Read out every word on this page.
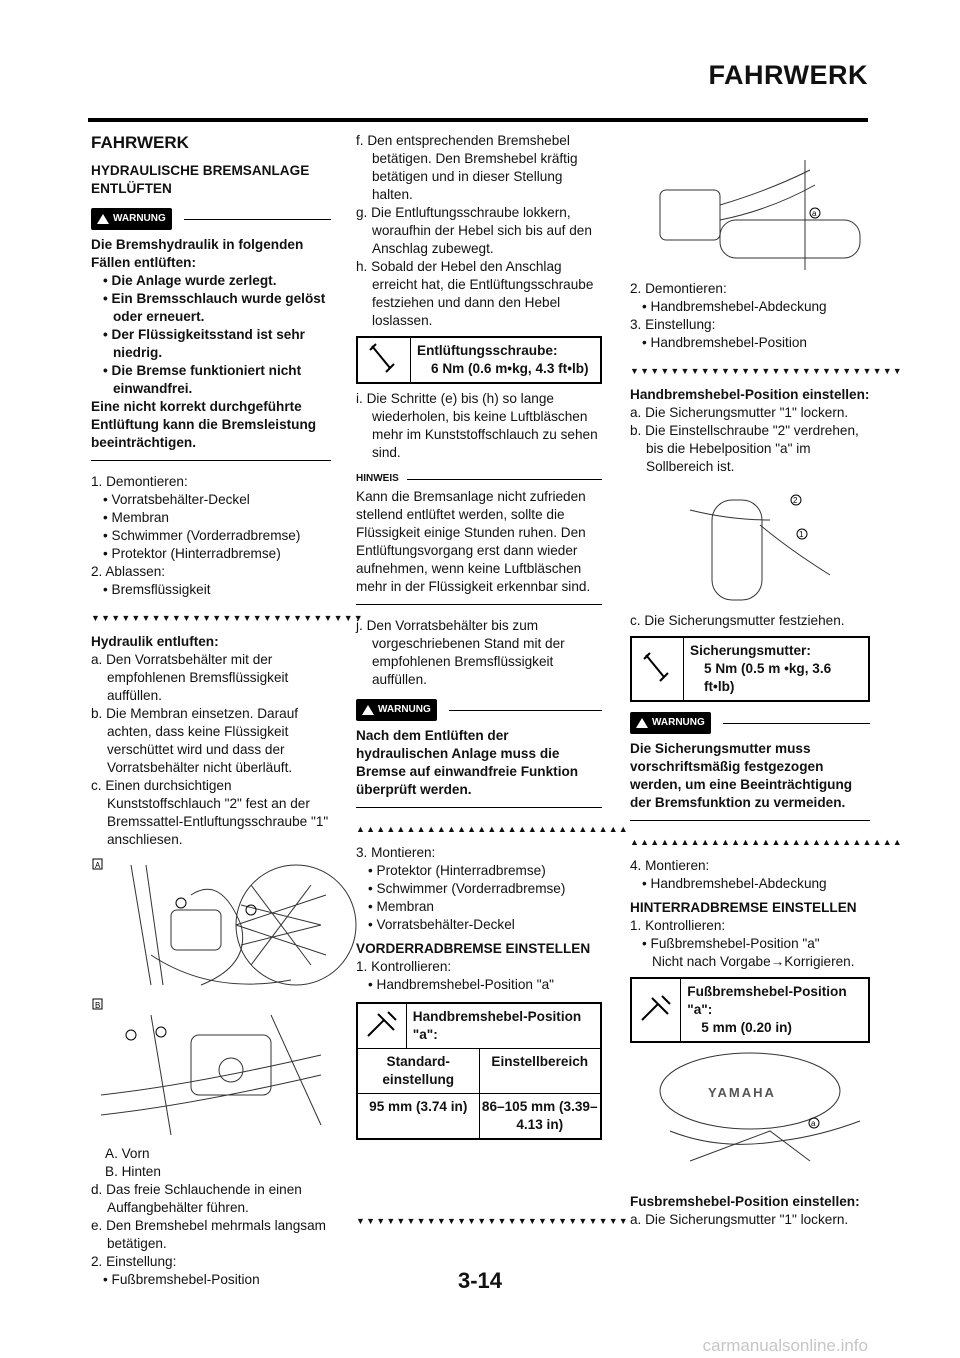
FAHRWERK
FAHRWERK
HYDRAULISCHE BREMSANLAGE ENTLÜFTEN
WARNUNG
Die Bremshydraulik in folgenden Fällen entlüften:
• Die Anlage wurde zerlegt.
• Ein Bremsschlauch wurde gelöst oder erneuert.
• Der Flüssigkeitsstand ist sehr niedrig.
• Die Bremse funktioniert nicht einwandfrei.
Eine nicht korrekt durchgeführte Entlüftung kann die Bremsleistung beeinträchtigen.
1. Demontieren:
• Vorratsbehälter-Deckel
• Membran
• Schwimmer (Vorderradbremse)
• Protektor (Hinterradbremse)
2. Ablassen:
• Bremsflüssigkeit
▼▼▼▼▼▼▼▼▼▼▼▼▼▼▼▼▼▼▼▼▼▼▼▼▼▼▼
Hydraulik entluften:
a. Den Vorratsbehälter mit der empfohlenen Bremsflüssigkeit auffüllen.
b. Die Membran einsetzen. Darauf achten, dass keine Flüssigkeit verschüttet wird und dass der Vorratsbehälter nicht überläuft.
c. Einen durchsichtigen Kunststoffschlauch "2" fest an der Bremssattel-Entluftungsschraube "1" anschliesen.
A
B
A. Vorn
B. Hinten
d. Das freie Schlauchende in einen Auffangbehälter führen.
e. Den Bremshebel mehrmals langsam betätigen.
2. Einstellung:
• Fußbremshebel-Position
f. Den entsprechenden Bremshebel betätigen. Den Bremshebel kräftig betätigen und in dieser Stellung halten.
g. Die Entluftungsschraube lokkern, woraufhin der Hebel sich bis auf den Anschlag zubewegt.
h. Sobald der Hebel den Anschlag erreicht hat, die Entlüftungsschraube festziehen und dann den Hebel loslassen.
Entlüftungsschraube:
6 Nm (0.6 m•kg, 4.3 ft•lb)
i. Die Schritte (e) bis (h) so lange wiederholen, bis keine Luftbläschen mehr im Kunststoffschlauch zu sehen sind.
HINWEIS
Kann die Bremsanlage nicht zufrieden stellend entlüftet werden, sollte die Flüssigkeit einige Stunden ruhen. Den Entlüftungsvorgang erst dann wieder aufnehmen, wenn keine Luftbläschen mehr in der Flüssigkeit erkennbar sind.
j. Den Vorratsbehälter bis zum vorgeschriebenen Stand mit der empfohlenen Bremsflüssigkeit auffüllen.
WARNUNG
Nach dem Entlüften der hydraulischen Anlage muss die Bremse auf einwandfreie Funktion überprüft werden.
▲▲▲▲▲▲▲▲▲▲▲▲▲▲▲▲▲▲▲▲▲▲▲▲▲▲▲
3. Montieren:
• Protektor (Hinterradbremse)
• Schwimmer (Vorderradbremse)
• Membran
• Vorratsbehälter-Deckel
VORDERRADBREMSE EINSTELLEN
1. Kontrollieren:
• Handbremshebel-Position "a"
Handbremshebel-Position "a":
Standard-einstellung
Einstellbereich
95 mm (3.74 in)	86–105 mm (3.39–4.13 in)
▼▼▼▼▼▼▼▼▼▼▼▼▼▼▼▼▼▼▼▼▼▼▼▼▼▼▼
a
2. Demontieren:
• Handbremshebel-Abdeckung
3. Einstellung:
• Handbremshebel-Position
▼▼▼▼▼▼▼▼▼▼▼▼▼▼▼▼▼▼▼▼▼▼▼▼▼▼▼
Handbremshebel-Position einstellen:
a. Die Sicherungsmutter "1" lockern.
b. Die Einstellschraube "2" verdrehen, bis die Hebelposition "a" im Sollbereich ist.
2
1
c. Die Sicherungsmutter festziehen.
Sicherungsmutter:
5 Nm (0.5 m •kg, 3.6 ft•lb)
WARNUNG
Die Sicherungsmutter muss vorschriftsmäßig festgezogen werden, um eine Beeinträchtigung der Bremsfunktion zu vermeiden.
▲▲▲▲▲▲▲▲▲▲▲▲▲▲▲▲▲▲▲▲▲▲▲▲▲▲▲
4. Montieren:
• Handbremshebel-Abdeckung
HINTERRADBREMSE EINSTELLEN
1. Kontrollieren:
• Fußbremshebel-Position "a"
Nicht nach Vorgabe→Korrigieren.
Fußbremshebel-Position "a":
5 mm (0.20 in)
YAMAHA
a
Fusbremshebel-Position einstellen:
a. Die Sicherungsmutter "1" lockern.
3-14
carmanualsonline.info
